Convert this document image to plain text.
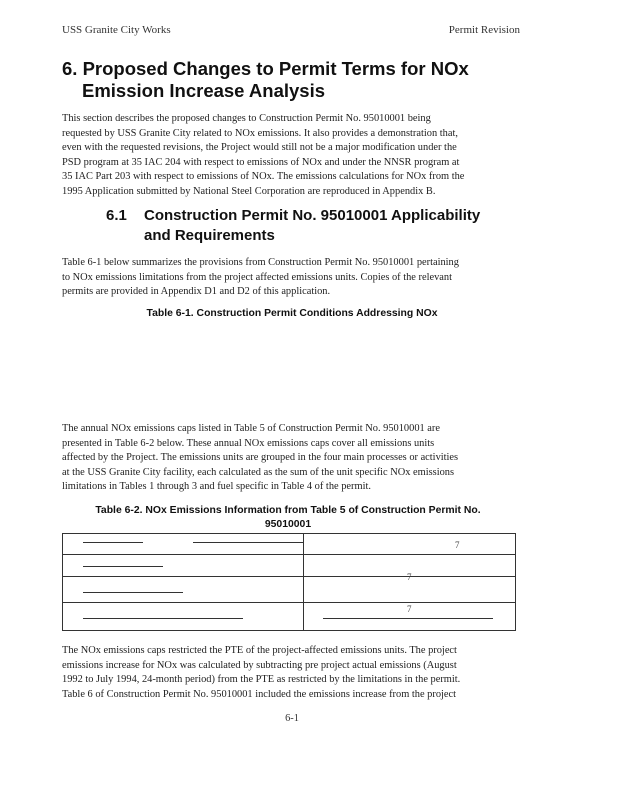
USS Granite City Works	Permit Revision
6. Proposed Changes to Permit Terms for NOx
Emission Increase Analysis
This section describes the proposed changes to Construction Permit No. 95010001 being
requested by USS Granite City related to NOx emissions. It also provides a demonstration that,
even with the requested revisions, the Project would still not be a major modification under the
PSD program at 35 IAC 204 with respect to emissions of NOx and under the NNSR program at
35 IAC Part 203 with respect to emissions of NOx. The emissions calculations for NOx from the
1995 Application submitted by National Steel Corporation are reproduced in Appendix B.
6.1 Construction Permit No. 95010001 Applicability
and Requirements
Table 6-1 below summarizes the provisions from Construction Permit No. 95010001 pertaining
to NOx emissions limitations from the project affected emissions units. Copies of the relevant
permits are provided in Appendix D1 and D2 of this application.
Table 6-1. Construction Permit Conditions Addressing NOx
The annual NOx emissions caps listed in Table 5 of Construction Permit No. 95010001 are
presented in Table 6-2 below. These annual NOx emissions caps cover all emissions units
affected by the Project. The emissions units are grouped in the four main processes or activities
at the USS Granite City facility, each calculated as the sum of the unit specific NOx emissions
limitations in Tables 1 through 3 and fuel specific in Table 4 of the permit.
Table 6-2. NOx Emissions Information from Table 5 of Construction Permit No.
95010001
7
7
7
The NOx emissions caps restricted the PTE of the project-affected emissions units. The project
emissions increase for NOx was calculated by subtracting pre project actual emissions (August
1992 to July 1994, 24-month period) from the PTE as restricted by the limitations in the permit.
Table 6 of Construction Permit No. 95010001 included the emissions increase from the project
6-1
